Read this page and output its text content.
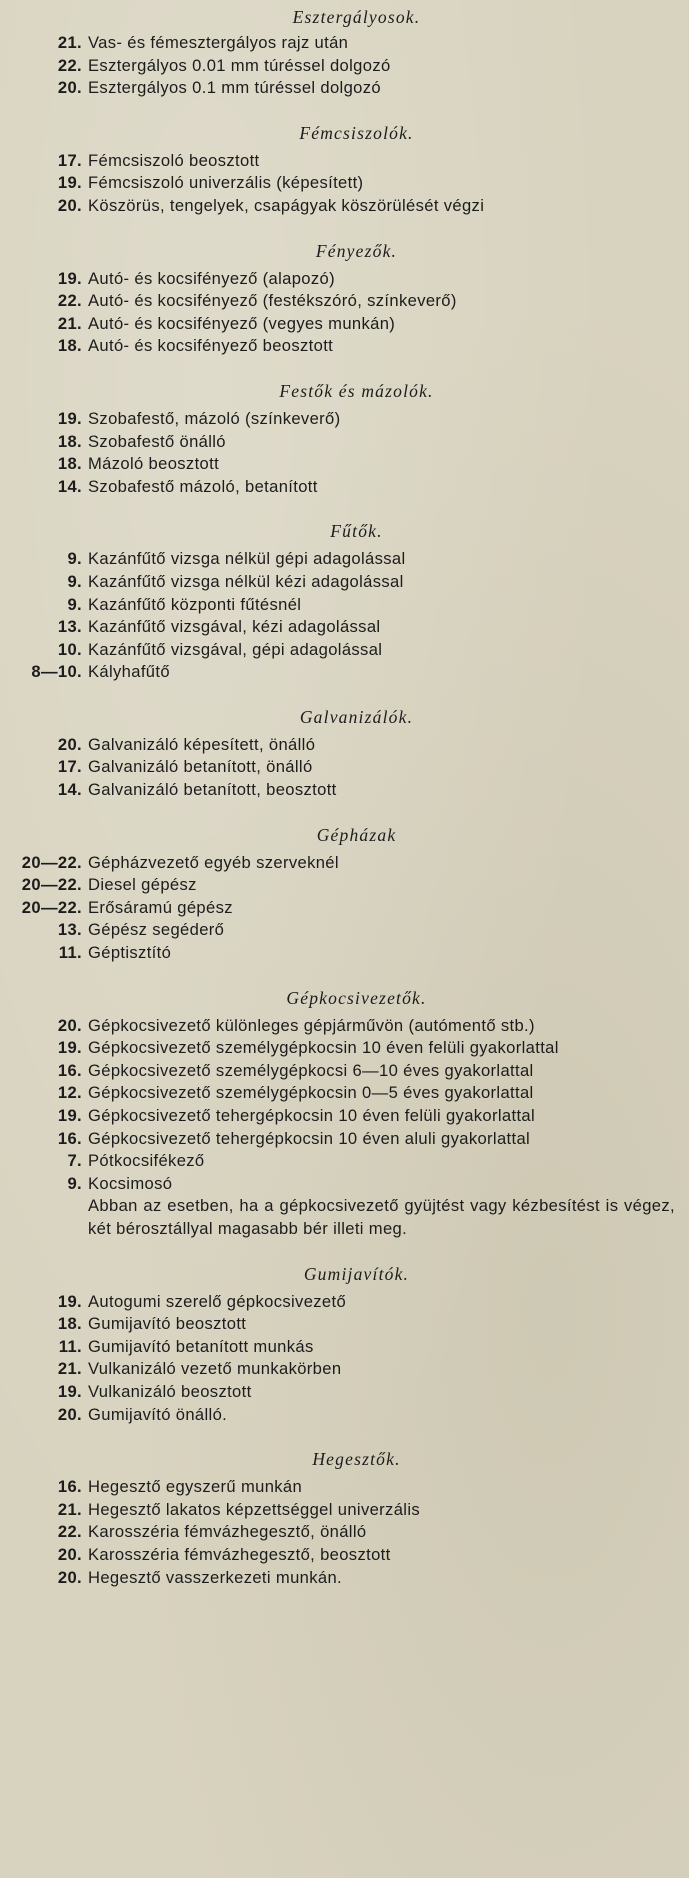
Esztergályosok.
21. Vas- és fémesztergályos rajz után
22. Esztergályos 0.01 mm túréssel dolgozó
20. Esztergályos 0.1 mm túréssel dolgozó
Fémcsiszolók.
17. Fémcsiszoló beosztott
19. Fémcsiszoló univerzális (képesített)
20. Köszörüs, tengelyek, csapágyak köszörülését végzi
Fényezők.
19. Autó- és kocsifényező (alapozó)
22. Autó- és kocsifényező (festékszóró, színkeverő)
21. Autó- és kocsifényező (vegyes munkán)
18. Autó- és kocsifényező beosztott
Festők és mázolók.
19. Szobafestő, mázoló (színkeverő)
18. Szobafestő önálló
18. Mázoló beosztott
14. Szobafestő mázoló, betanított
Fűtők.
9. Kazánfűtő vizsga nélkül gépi adagolással
9. Kazánfűtő vizsga nélkül kézi adagolással
9. Kazánfűtő központi fűtésnél
13. Kazánfűtő vizsgával, kézi adagolással
10. Kazánfűtő vizsgával, gépi adagolással
8—10. Kályhafűtő
Galvanizálók.
20. Galvanizáló képesített, önálló
17. Galvanizáló betanított, önálló
14. Galvanizáló betanított, beosztott
Gépházak
20—22. Gépházvezető egyéb szerveknél
20—22. Diesel gépész
20—22. Erősáramú gépész
13. Gépész segéderő
11. Géptisztító
Gépkocsivezetők.
20. Gépkocsivezető különleges gépjárművön (autómentő stb.)
19. Gépkocsivezető személygépkocsin 10 éven felüli gyakorlattal
16. Gépkocsivezető személygépkocsi 6—10 éves gyakorlattal
12. Gépkocsivezető személygépkocsin 0—5 éves gyakorlattal
19. Gépkocsivezető tehergépkocsin 10 éven felüli gyakorlattal
16. Gépkocsivezető tehergépkocsin 10 éven aluli gyakorlattal
7. Pótkocsifékező
9. Kocsimosó
Abban az esetben, ha a gépkocsivezető gyüjtést vagy kézbesítést is végez, két bérosztállyal magasabb bér illeti meg.
Gumijavítók.
19. Autogumi szerelő gépkocsivezető
18. Gumijavító beosztott
11. Gumijavító betanított munkás
21. Vulkanizáló vezető munkakörben
19. Vulkanizáló beosztott
20. Gumijavító önálló.
Hegesztők.
16. Hegesztő egyszerű munkán
21. Hegesztő lakatos képzettséggel univerzális
22. Karosszéria fémvázhegesztő, önálló
20. Karosszéria fémvázhegesztő, beosztott
20. Hegesztő vasszerkezeti munkán.
